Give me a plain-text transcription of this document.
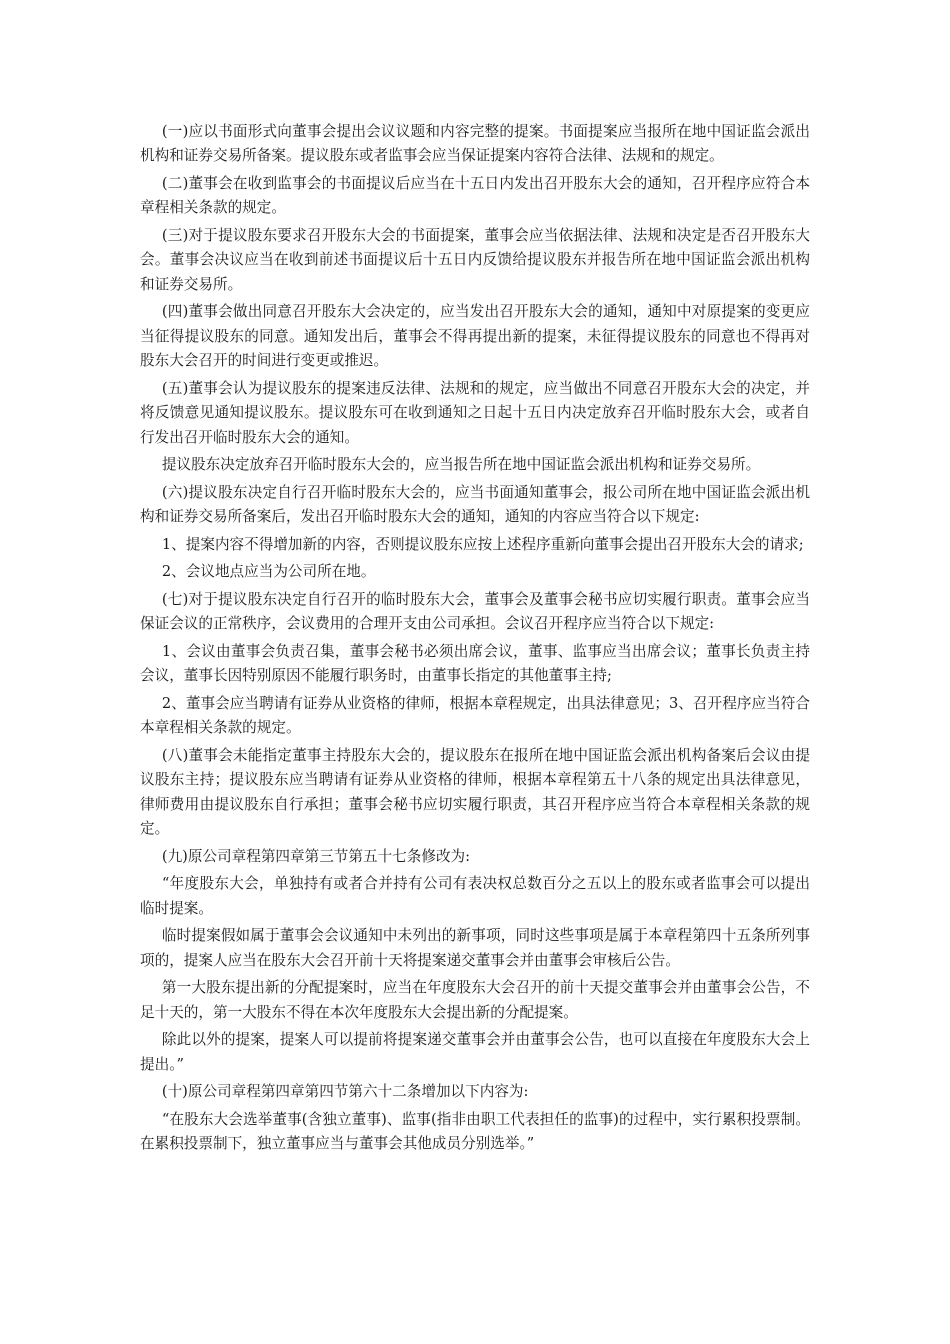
(一)应以书面形式向董事会提出会议议题和内容完整的提案。书面提案应当报所在地中国证监会派出机构和证券交易所备案。提议股东或者监事会应当保证提案内容符合法律、法规和的规定。

(二)董事会在收到监事会的书面提议后应当在十五日内发出召开股东大会的通知，召开程序应符合本章程相关条款的规定。

(三)对于提议股东要求召开股东大会的书面提案，董事会应当依据法律、法规和决定是否召开股东大会。董事会决议应当在收到前述书面提议后十五日内反馈给提议股东并报告所在地中国证监会派出机构和证券交易所。

(四)董事会做出同意召开股东大会决定的，应当发出召开股东大会的通知，通知中对原提案的变更应当征得提议股东的同意。通知发出后，董事会不得再提出新的提案，未征得提议股东的同意也不得再对股东大会召开的时间进行变更或推迟。

(五)董事会认为提议股东的提案违反法律、法规和的规定，应当做出不同意召开股东大会的决定，并将反馈意见通知提议股东。提议股东可在收到通知之日起十五日内决定放弃召开临时股东大会，或者自行发出召开临时股东大会的通知。

提议股东决定放弃召开临时股东大会的，应当报告所在地中国证监会派出机构和证券交易所。

(六)提议股东决定自行召开临时股东大会的，应当书面通知董事会，报公司所在地中国证监会派出机构和证券交易所备案后，发出召开临时股东大会的通知，通知的内容应当符合以下规定:

1、提案内容不得增加新的内容，否则提议股东应按上述程序重新向董事会提出召开股东大会的请求;

2、会议地点应当为公司所在地。

(七)对于提议股东决定自行召开的临时股东大会，董事会及董事会秘书应切实履行职责。董事会应当保证会议的正常秩序，会议费用的合理开支由公司承担。会议召开程序应当符合以下规定:

1、会议由董事会负责召集，董事会秘书必须出席会议，董事、监事应当出席会议；董事长负责主持会议，董事长因特别原因不能履行职务时，由董事长指定的其他董事主持;

2、董事会应当聘请有证券从业资格的律师，根据本章程规定，出具法律意见；3、召开程序应当符合本章程相关条款的规定。

(八)董事会未能指定董事主持股东大会的，提议股东在报所在地中国证监会派出机构备案后会议由提议股东主持；提议股东应当聘请有证券从业资格的律师，根据本章程第五十八条的规定出具法律意见，律师费用由提议股东自行承担；董事会秘书应切实履行职责，其召开程序应当符合本章程相关条款的规定。

(九)原公司章程第四章第三节第五十七条修改为:

“年度股东大会，单独持有或者合并持有公司有表决权总数百分之五以上的股东或者监事会可以提出临时提案。

临时提案假如属于董事会会议通知中未列出的新事项，同时这些事项是属于本章程第四十五条所列事项的，提案人应当在股东大会召开前十天将提案递交董事会并由董事会审核后公告。

第一大股东提出新的分配提案时，应当在年度股东大会召开的前十天提交董事会并由董事会公告，不足十天的，第一大股东不得在本次年度股东大会提出新的分配提案。

除此以外的提案，提案人可以提前将提案递交董事会并由董事会公告，也可以直接在年度股东大会上提出。”

(十)原公司章程第四章第四节第六十二条增加以下内容为:

“在股东大会选举董事(含独立董事)、监事(指非由职工代表担任的监事)的过程中，实行累积投票制。在累积投票制下，独立董事应当与董事会其他成员分别选举。”
